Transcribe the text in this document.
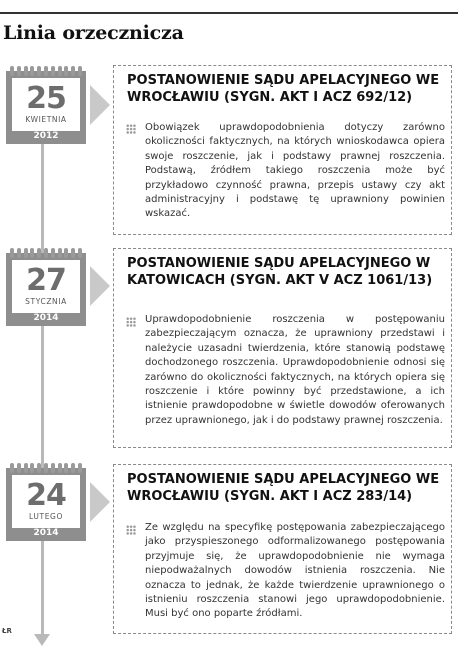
Linia orzecznicza
25
KWIETNIA
2012
POSTANOWIENIE SĄDU APELACYJNEGO WE WROCŁAWIU (SYGN. AKT I ACZ 692/12)
Obowiązek uprawdopodobnienia dotyczy zarówno okoliczności faktycznych, na których wnioskodawca opiera swoje roszczenie, jak i podstawy prawnej roszczenia. Podstawą, źródłem takiego roszczenia może być przykładowo czynność prawna, przepis ustawy czy akt administracyjny i podstawę tę uprawniony powinien wskazać.
27
STYCZNIA
2014
POSTANOWIENIE SĄDU APELACYJNEGO W KATOWICACH (SYGN. AKT V ACZ 1061/13)
Uprawdopodobnienie roszczenia w postępowaniu zabezpieczającym oznacza, że uprawniony przedstawi i należycie uzasadni twierdzenia, które stanowią podstawę dochodzonego roszczenia. Uprawdopodobnienie odnosi się zarówno do okoliczności faktycznych, na których opiera się roszczenie i które powinny być przedstawione, a ich istnienie prawdopodobne w świetle dowodów oferowanych przez uprawnionego, jak i do podstawy prawnej roszczenia.
24
LUTEGO
2014
POSTANOWIENIE SĄDU APELACYJNEGO WE WROCŁAWIU (SYGN. AKT I ACZ 283/14)
Ze względu na specyfikę postępowania zabezpieczającego jako przyspieszonego odformalizowanego postępowania przyjmuje się, że uprawdopodobnienie nie wymaga niepodważalnych dowodów istnienia roszczenia. Nie oznacza to jednak, że każde twierdzenie uprawnionego o istnieniu roszczenia stanowi jego uprawdopodobnienie. Musi być ono poparte źródłami.
ŁR
